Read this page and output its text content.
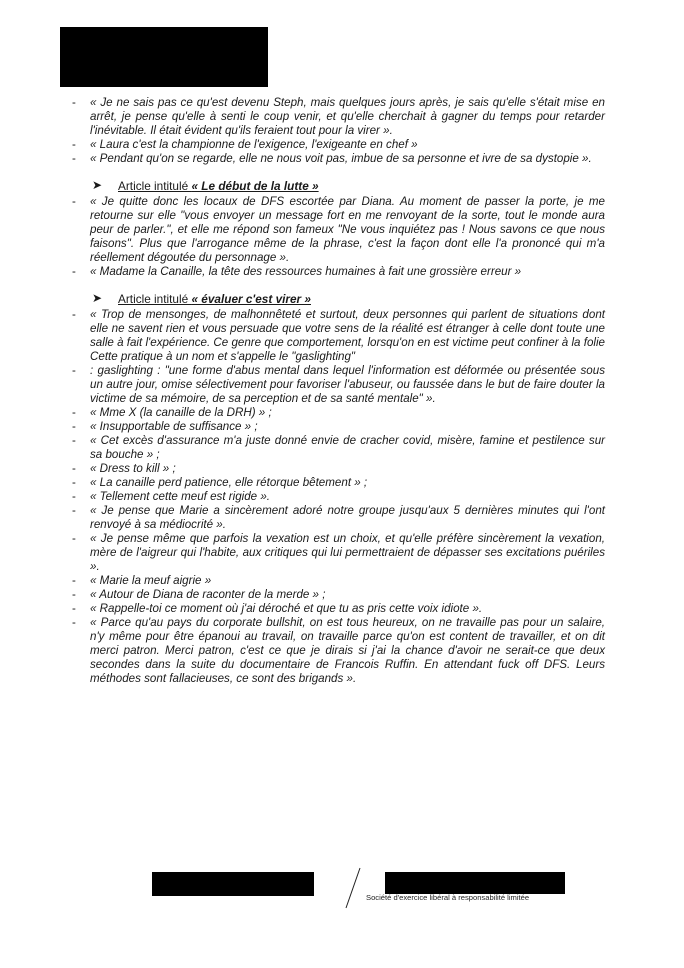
- « Je ne sais pas ce qu'est devenu Steph, mais quelques jours après, je sais qu'elle s'était mise en arrêt, je pense qu'elle à senti le coup venir, et qu'elle cherchait à gagner du temps pour retarder l'inévitable. Il était évident qu'ils feraient tout pour la virer ».

- « Laura c'est la championne de l'exigence, l'exigeante en chef »

- « Pendant qu'on se regarde, elle ne nous voit pas, imbue de sa personne et ivre de sa dystopie ».

➤ Article intitulé « Le début de la lutte »

- « Je quitte donc les locaux de DFS escortée par Diana. Au moment de passer la porte, je me retourne sur elle "vous envoyer un message fort en me renvoyant de la sorte, tout le monde aura peur de parler.", et elle me répond son fameux "Ne vous inquiétez pas ! Nous savons ce que nous faisons". Plus que l'arrogance même de la phrase, c'est la façon dont elle l'a prononcé qui m'a réellement dégoutée du personnage ».

- « Madame la Canaille, la tête des ressources humaines à fait une grossière erreur »

➤ Article intitulé « évaluer c'est virer »

- « Trop de mensonges, de malhonnêteté et surtout, deux personnes qui parlent de situations dont elle ne savent rien et vous persuade que votre sens de la réalité est étranger à celle dont toute une salle à fait l'expérience. Ce genre que comportement, lorsqu'on en est victime peut confiner à la folie Cette pratique à un nom et s'appelle le "gaslighting"

- : gaslighting : "une forme d'abus mental dans lequel l'information est déformée ou présentée sous un autre jour, omise sélectivement pour favoriser l'abuseur, ou faussée dans le but de faire douter la victime de sa mémoire, de sa perception et de sa santé mentale" ».

- « Mme X (la canaille de la DRH) » ;

- « Insupportable de suffisance » ;

- « Cet excès d'assurance m'a juste donné envie de cracher covid, misère, famine et pestilence sur sa bouche » ;

- « Dress to kill » ;

- « La canaille perd patience, elle rétorque bêtement » ;

- « Tellement cette meuf est rigide ».

- « Je pense que Marie a sincèrement adoré notre groupe jusqu'aux 5 dernières minutes qui l'ont renvoyé à sa médiocrité ».

- « Je pense même que parfois la vexation est un choix, et qu'elle préfère sincèrement la vexation, mère de l'aigreur qui l'habite, aux critiques qui lui permettraient de dépasser ses excitations puériles ».

- « Marie la meuf aigrie »

- « Autour de Diana de raconter de la merde » ;

- « Rappelle-toi ce moment où j'ai déroché et que tu as pris cette voix idiote ».

- « Parce qu'au pays du corporate bullshit, on est tous heureux, on ne travaille pas pour un salaire, n'y même pour être épanoui au travail, on travaille parce qu'on est content de travailler, et on dit merci patron. Merci patron, c'est ce que je dirais si j'ai la chance d'avoir ne serait-ce que deux secondes dans la suite du documentaire de Francois Ruffin. En attendant fuck off DFS. Leurs méthodes sont fallacieuses, ce sont des brigands ».

Société d'exercice libéral à responsabilité limitée
